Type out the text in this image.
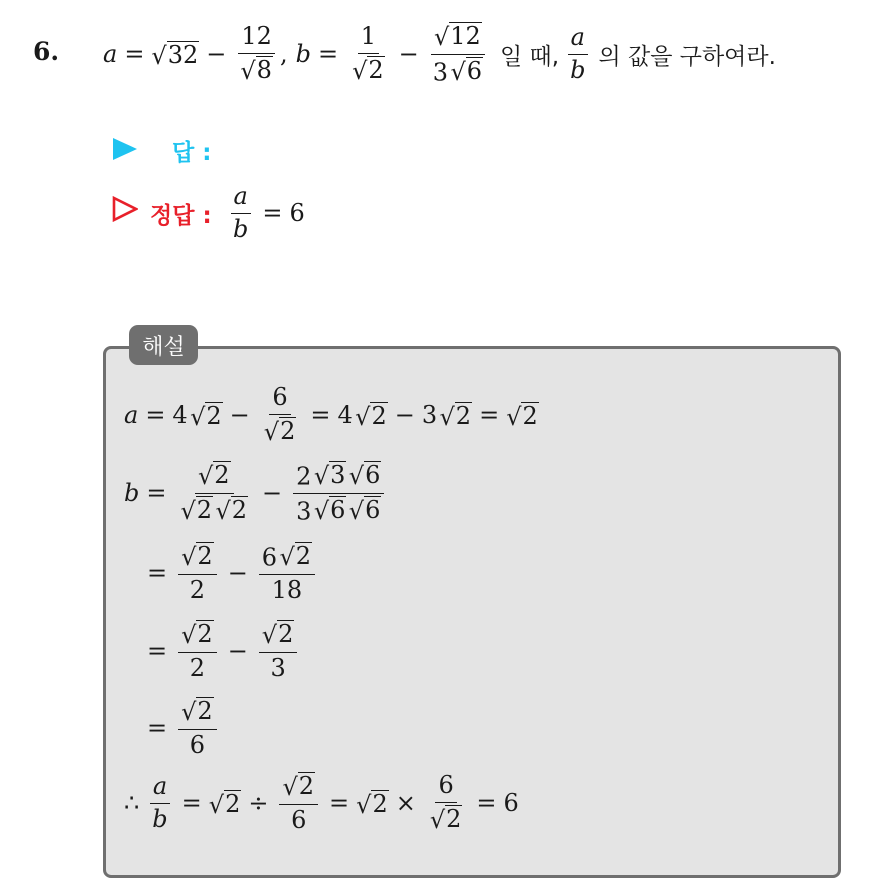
6. a = √ $32 - \frac{12}{√ 8}$ , $b = \frac{1}{√ 2} - \frac{√ 12}{3 √ 6}$ 일 때, $\frac{a}{b}$ 의 값을 구하여라.
답 :
정답 : $\frac{a}{b} = 6$
해설
a = 4
  √ $2 - \frac{6}{√ 2} = 4$
  √ 2 − 3
  √ 2 = √ 2
b = √ 2
√ 2
  √ 2 − 2  √ 3
  √ 6
3  √ 6
  √ 6
= $\frac{√ 2}{2} - \frac{6 √ 2}{18}$
= $\frac{√ 2}{2} - \frac{√ 2}{3}$
= $\frac{√ 2}{6}$
∴ $\frac{a}{b}$ = √ $2 \div \frac{√ 2}{6}$ = √ $2 \times \frac{6}{√ 2} = 6$
